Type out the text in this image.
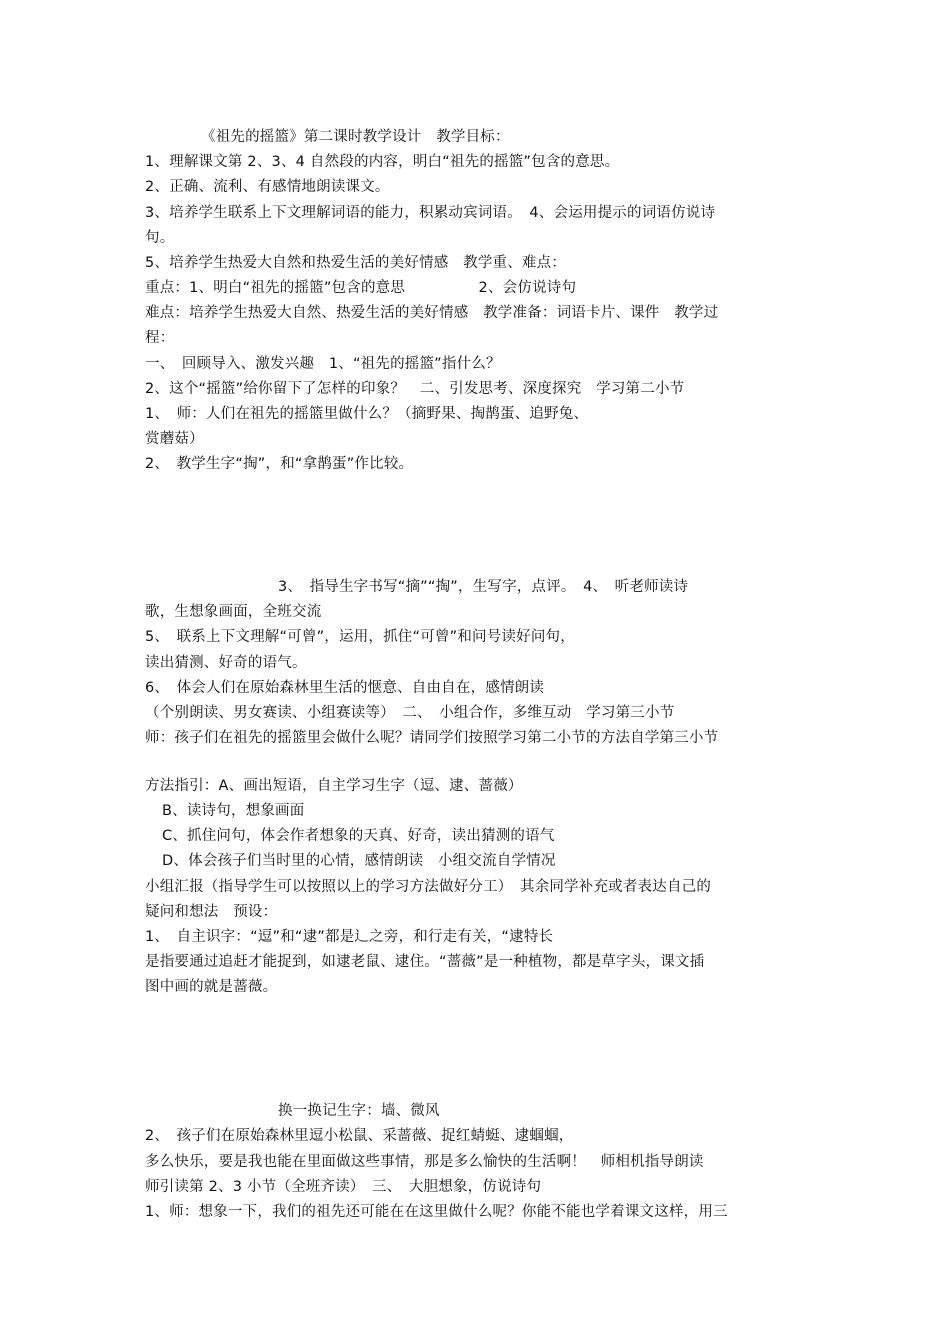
《祖先的摇篮》第二课时教学设计　教学目标：
1、理解课文第 2、3、4 自然段的内容，明白“祖先的摇篮”包含的意思。
2、正确、流利、有感情地朗读课文。
3、培养学生联系上下文理解词语的能力，积累动宾词语。　4、会运用提示的词语仿说诗
句。
5、培养学生热爱大自然和热爱生活的美好情感　教学重、难点：
重点：1、明白“祖先的摇篮”包含的意思　　　　　2、会仿说诗句
难点：培养学生热爱大自然、热爱生活的美好情感　教学准备：词语卡片、课件　教学过
程：
一、　回顾导入、激发兴趣　1、“祖先的摇篮”指什么？
2、这个“摇篮”给你留下了怎样的印象？　二、引发思考、深度探究　学习第二小节
1、　师：人们在祖先的摇篮里做什么？（摘野果、掏鹊蛋、追野兔、
赏蘑菇）
2、　教学生字“掏”，和“拿鹊蛋”作比较。
3、　指导生字书写“摘”“掏”，生写字，点评。　4、　听老师读诗
歌，生想象画面，全班交流
5、　联系上下文理解“可曾”，运用，抓住“可曾”和问号读好问句，
读出猜测、好奇的语气。
6、　体会人们在原始森林里生活的惬意、自由自在，感情朗读
（个别朗读、男女赛读、小组赛读等）　二、　小组合作，多维互动　学习第三小节
师：孩子们在祖先的摇篮里会做什么呢？请同学们按照学习第二小节的方法自学第三小节
方法指引：A、画出短语，自主学习生字（逗、逮、蔷薇）
B、读诗句，想象画面
C、抓住问句，体会作者想象的天真、好奇，读出猜测的语气
D、体会孩子们当时里的心情，感情朗读　小组交流自学情况
小组汇报（指导学生可以按照以上的学习方法做好分工）　其余同学补充或者表达自己的
疑问和想法　预设：
1、　自主识字：“逗”和“逮”都是辶之旁，和行走有关，“逮特长
是指要通过追赶才能捉到，如逮老鼠、逮住。“蔷薇”是一种植物，都是草字头，课文插
图中画的就是蔷薇。
换一换记生字：墙、微风
2、　孩子们在原始森林里逗小松鼠、采蔷薇、捉红蜻蜓、逮蝈蝈，
多么快乐，要是我也能在里面做这些事情，那是多么愉快的生活啊！　师相机指导朗读
师引读第 2、3 小节（全班齐读）　三、　大胆想象，仿说诗句
1、师：想象一下，我们的祖先还可能在在这里做什么呢？你能不能也学着课文这样，用三
